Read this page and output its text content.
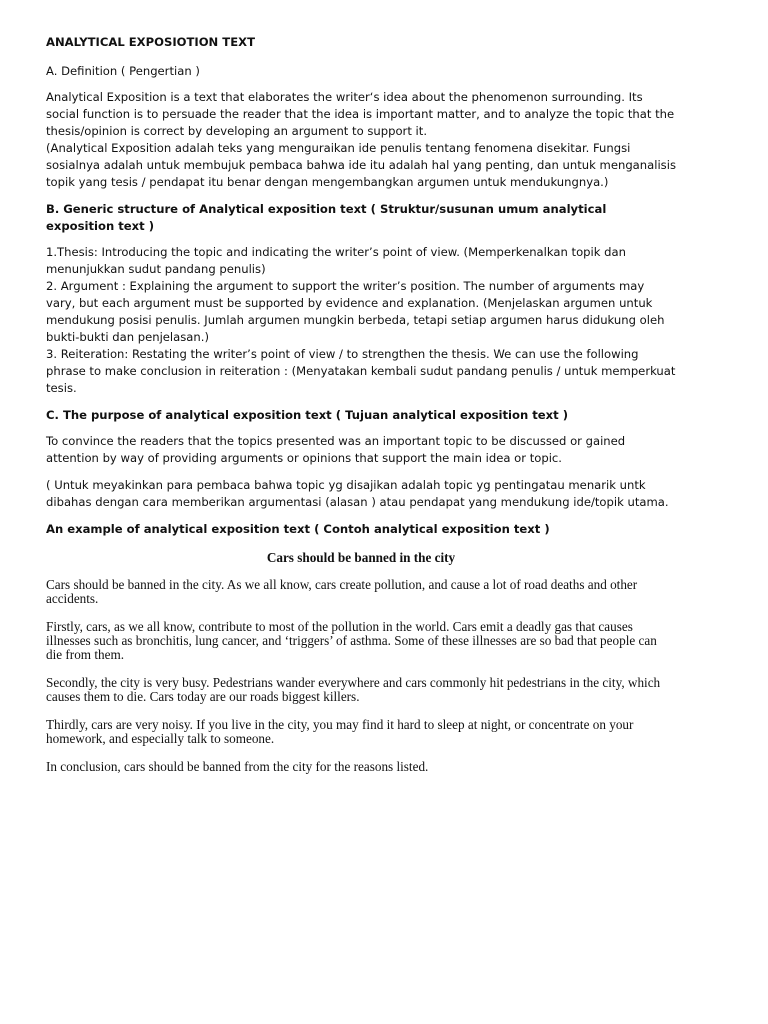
ANALYTICAL EXPOSIOTION TEXT
A. Definition ( Pengertian )

Analytical Exposition is a text that elaborates the writer‘s idea about the phenomenon surrounding. Its social function is to persuade the reader that the idea is important matter, and to analyze the topic that the thesis/opinion is correct by developing an argument to support it.
(Analytical Exposition adalah teks yang menguraikan ide penulis tentang fenomena disekitar. Fungsi sosialnya adalah untuk membujuk pembaca bahwa ide itu adalah hal yang penting, dan untuk menganalisis topik yang tesis / pendapat itu benar dengan mengembangkan argumen untuk mendukungnya.)

B. Generic structure of Analytical exposition text ( Struktur/susunan umum analytical exposition text )

1.Thesis: Introducing the topic and indicating the writer’s point of view. (Memperkenalkan topik dan menunjukkan sudut pandang penulis)
2. Argument : Explaining the argument to support the writer’s position. The number of arguments may vary, but each argument must be supported by evidence and explanation. (Menjelaskan argumen untuk mendukung posisi penulis. Jumlah argumen mungkin berbeda, tetapi setiap argumen harus didukung oleh bukti-bukti dan penjelasan.)
3. Reiteration: Restating the writer’s point of view / to strengthen the thesis. We can use the following phrase to make conclusion in reiteration : (Menyatakan kembali sudut pandang penulis / untuk memperkuat tesis.

C. The purpose of analytical exposition text ( Tujuan analytical exposition text )

To convince the readers that the topics presented was an important topic to be discussed or gained attention by way of providing arguments or opinions that support the main idea or topic.

( Untuk meyakinkan para pembaca bahwa topic yg disajikan adalah topic yg pentingatau menarik untk dibahas dengan cara memberikan argumentasi (alasan ) atau pendapat yang mendukung ide/topik utama.

An example of analytical exposition text ( Contoh analytical exposition text )
Cars should be banned in the city

Cars should be banned in the city. As we all know, cars create pollution, and cause a lot of road deaths and other accidents.

Firstly, cars, as we all know, contribute to most of the pollution in the world. Cars emit a deadly gas that causes illnesses such as bronchitis, lung cancer, and ‘triggers’ of asthma. Some of these illnesses are so bad that people can die from them.

Secondly, the city is very busy. Pedestrians wander everywhere and cars commonly hit pedestrians in the city, which causes them to die. Cars today are our roads biggest killers.

Thirdly, cars are very noisy. If you live in the city, you may find it hard to sleep at night, or concentrate on your homework, and especially talk to someone.

In conclusion, cars should be banned from the city for the reasons listed.
